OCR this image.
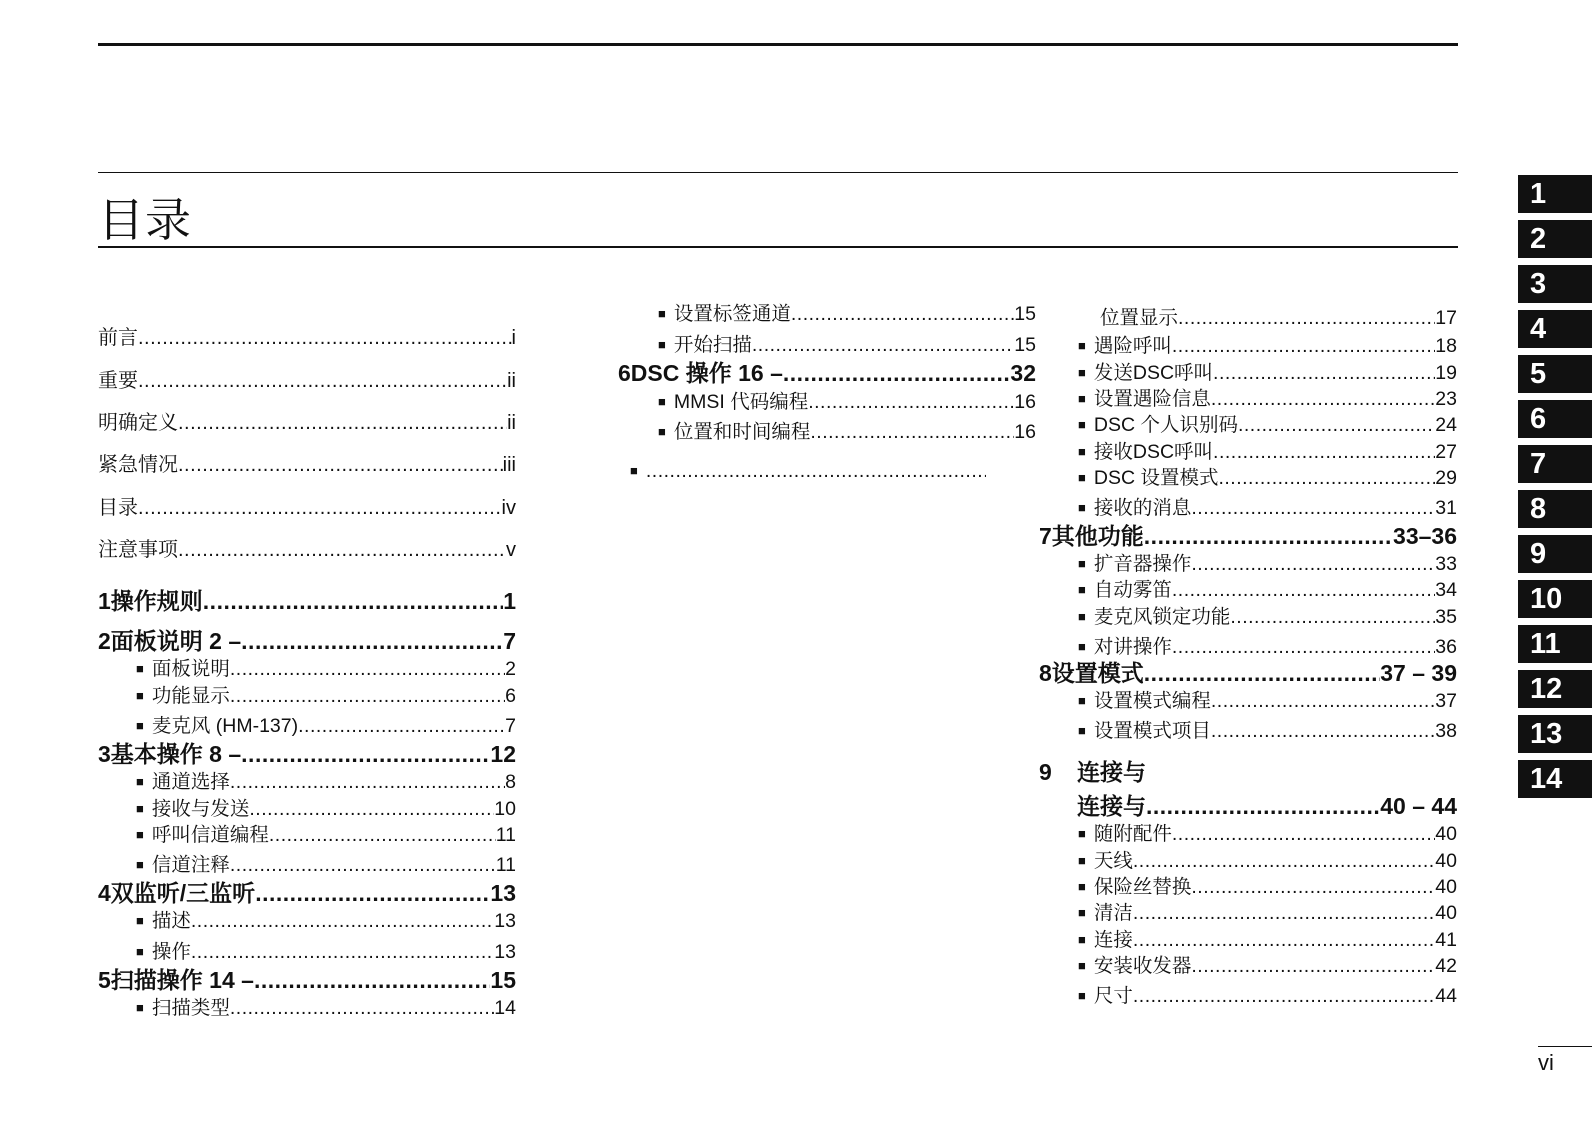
目录
前言 .....	i
重要 .....	ii
明确定义 .....	ii
紧急情况 .....	iii
目录 .....	iv
注意事项 .....	v
1 操作规则 .....	1
2 面板说明 2 – .....	7
■ 面板说明 .....	2
■ 功能显示 .....	6
■ 麦克风 (HM-137) .....	7
3 基本操作 8 – .....	12
■ 通道选择 .....	8
■ 接收与发送 .....	10
■ 呼叫信道编程 .....	11
■ 信道注释 .....	11
4 双监听/三监听 .....	13
■ 描述 .....	13
■ 操作 .....	13
5 扫描操作 14 – .....	15
■ 扫描类型 .....	14
■ 设置标签通道 .....	15
■ 开始扫描 .....	15
6 DSC 操作 16 – .....	32
■ MMSI 代码编程 .....	16
■ 位置和时间编程 .....	16
■
.....
位置显示 .....	17
■ 遇险呼叫 .....	18
■ 发送DSC呼叫 .....	19
■ 设置遇险信息 .....	23
■ DSC 个人识别码 .....	24
■ 接收DSC呼叫 .....	27
■ DSC 设置模式 .....	29
■ 接收的消息 .....	31
7 其他功能 .....	33–36
■ 扩音器操作 .....	33
■ 自动雾笛 .....	34
■ 麦克风锁定功能 .....	35
■ 对讲操作 .....	36
8 设置模式 .....	37 – 39
■ 设置模式编程 .....	37
■ 设置模式项目 .....	38
9	连接与
连接与 .....	40 – 44
■ 随附配件 .....	40
■ 天线 .....	40
■ 保险丝替换 .....	40
■ 清洁 .....	40
■ 连接 .....	41
■ 安装收发器 .....	42
■ 尺寸 .....	44
1
2
3
4
5
6
7
8
9
10
11
12
13
14
vi
